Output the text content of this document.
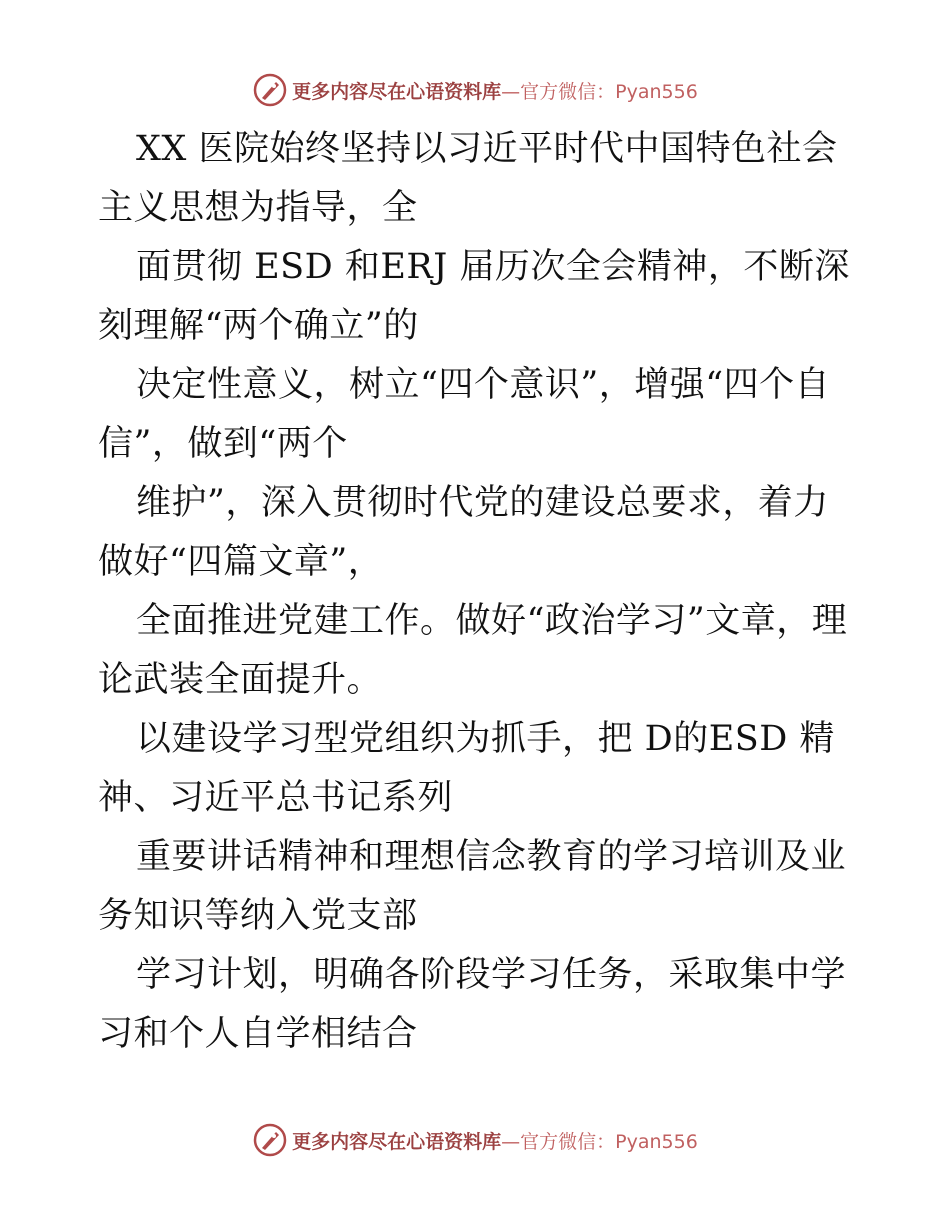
更多内容尽在心语资料库 —官方微信：Pyan556

XX 医院始终坚持以习近平时代中国特色社会主义思想为指导，全

面贯彻 ESD 和ERJ 届历次全会精神，不断深刻理解“两个确立”的

决定性意义，树立“四个意识”，增强“四个自信”，做到“两个

维护”，深入贯彻时代党的建设总要求，着力做好“四篇文章”，

全面推进党建工作。做好“政治学习”文章，理论武装全面提升。

以建设学习型党组织为抓手，把 D的ESD 精神、习近平总书记系列

重要讲话精神和理想信念教育的学习培训及业务知识等纳入党支部

学习计划，明确各阶段学习任务，采取集中学习和个人自学相结合

更多内容尽在心语资料库 —官方微信：Pyan556
